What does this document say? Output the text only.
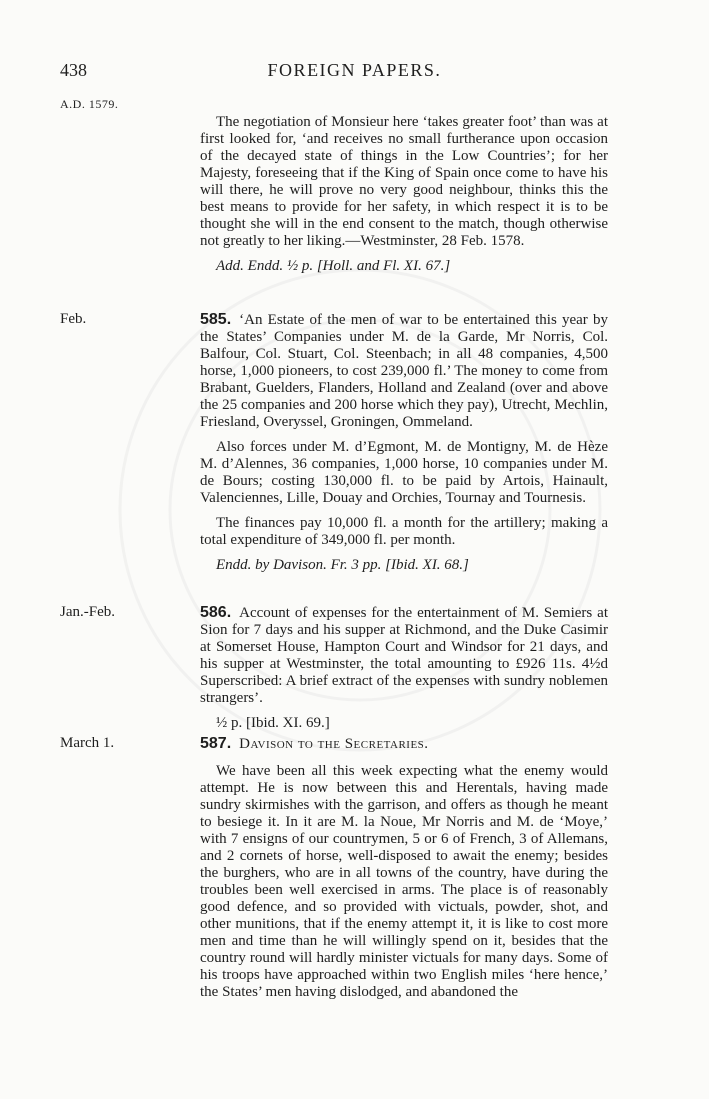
438	FOREIGN PAPERS.
A.D. 1579.

The negotiation of Monsieur here ‘takes greater foot’ than was at first looked for, ‘and receives no small furtherance upon occasion of the decayed state of things in the Low Countries’; for her Majesty, foreseeing that if the King of Spain once come to have his will there, he will prove no very good neighbour, thinks this the best means to provide for her safety, in which respect it is to be thought she will in the end consent to the match, though otherwise not greatly to her liking.—Westminster, 28 Feb. 1578.

Add. Endd. ½ p. [Holl. and Fl. XI. 67.]

Feb.	585. ‘An Estate of the men of war to be entertained this year by the States’ Companies under M. de la Garde, Mr Norris, Col. Balfour, Col. Stuart, Col. Steenbach; in all 48 companies, 4,500 horse, 1,000 pioneers, to cost 239,000 fl.’ The money to come from Brabant, Guelders, Flanders, Holland and Zealand (over and above the 25 companies and 200 horse which they pay), Utrecht, Mechlin, Friesland, Overyssel, Groningen, Ommeland.

Also forces under M. d’Egmont, M. de Montigny, M. de Hèze M. d’Alennes, 36 companies, 1,000 horse, 10 companies under M. de Bours; costing 130,000 fl. to be paid by Artois, Hainault, Valenciennes, Lille, Douay and Orchies, Tournay and Tournesis.

The finances pay 10,000 fl. a month for the artillery; making a total expenditure of 349,000 fl. per month.

Endd. by Davison. Fr. 3 pp. [Ibid. XI. 68.]

Jan.-Feb.	586. Account of expenses for the entertainment of M. Semiers at Sion for 7 days and his supper at Richmond, and the Duke Casimir at Somerset House, Hampton Court and Windsor for 21 days, and his supper at Westminster, the total amounting to £926 11s. 4½d Superscribed: A brief extract of the expenses with sundry noblemen strangers’.

½ p. [Ibid. XI. 69.]

March 1.	587. Davison to the Secretaries.

We have been all this week expecting what the enemy would attempt. He is now between this and Herentals, having made sundry skirmishes with the garrison, and offers as though he meant to besiege it. In it are M. la Noue, Mr Norris and M. de ‘Moye,’ with 7 ensigns of our countrymen, 5 or 6 of French, 3 of Allemans, and 2 cornets of horse, well-disposed to await the enemy; besides the burghers, who are in all towns of the country, have during the troubles been well exercised in arms. The place is of reasonably good defence, and so provided with victuals, powder, shot, and other munitions, that if the enemy attempt it, it is like to cost more men and time than he will willingly spend on it, besides that the country round will hardly minister victuals for many days. Some of his troops have approached within two English miles ‘here hence,’ the States’ men having dislodged, and abandoned the
